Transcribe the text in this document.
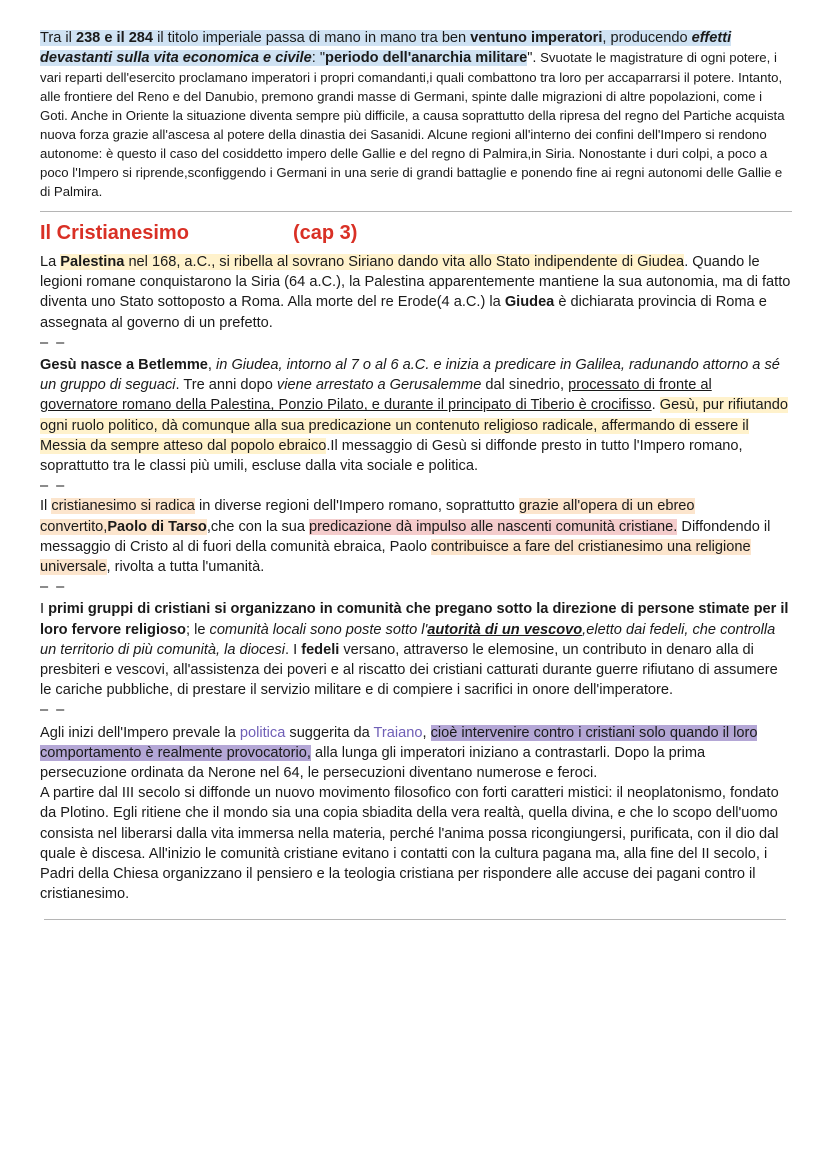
Tra il 238 e il 284 il titolo imperiale passa di mano in mano tra ben ventuno imperatori, producendo effetti devastanti sulla vita economica e civile: "periodo dell'anarchia militare". Svuotate le magistrature di ogni potere, i vari reparti dell'esercito proclamano imperatori i propri comandanti,i quali combattono tra loro per accaparrarsi il potere. Intanto, alle frontiere del Reno e del Danubio, premono grandi masse di Germani, spinte dalle migrazioni di altre popolazioni, come i Goti. Anche in Oriente la situazione diventa sempre più difficile, a causa soprattutto della ripresa del regno del Partiche acquista nuova forza grazie all'ascesa al potere della dinastia dei Sasanidi. Alcune regioni all'interno dei confini dell'Impero si rendono autonome: è questo il caso del cosiddetto impero delle Gallie e del regno di Palmira,in Siria. Nonostante i duri colpi, a poco a poco l'Impero si riprende,sconfiggendo i Germani in una serie di grandi battaglie e ponendo fine ai regni autonomi delle Gallie e di Palmira.
Il Cristianesimo	(cap 3)

La Palestina nel 168, a.C., si ribella al sovrano Siriano dando vita allo Stato indipendente di Giudea. Quando le legioni romane conquistarono la Siria (64 a.C.), la Palestina apparentemente mantiene la sua autonomia, ma di fatto diventa uno Stato sottoposto a Roma. Alla morte del re Erode(4 a.C.) la Giudea è dichiarata provincia di Roma e assegnata al governo di un prefetto.

– –

Gesù nasce a Betlemme, in Giudea, intorno al 7 o al 6 a.C. e inizia a predicare in Galilea, radunando attorno a sé un gruppo di seguaci. Tre anni dopo viene arrestato a Gerusalemme dal sinedrio, processato di fronte al governatore romano della Palestina, Ponzio Pilato, e durante il principato di Tiberio è crocifisso. Gesù, pur rifiutando ogni ruolo politico, dà comunque alla sua predicazione un contenuto religioso radicale, affermando di essere il Messia da sempre atteso dal popolo ebraico.Il messaggio di Gesù si diffonde presto in tutto l'Impero romano, soprattutto tra le classi più umili, escluse dalla vita sociale e politica.

– –

Il cristianesimo si radica in diverse regioni dell'Impero romano, soprattutto grazie all'opera di un ebreo convertito,Paolo di Tarso,che con la sua predicazione dà impulso alle nascenti comunità cristiane. Diffondendo il messaggio di Cristo al di fuori della comunità ebraica, Paolo contribuisce a fare del cristianesimo una religione universale, rivolta a tutta l'umanità.

– –

I primi gruppi di cristiani si organizzano in comunità che pregano sotto la direzione di persone stimate per il loro fervore religioso; le comunità locali sono poste sotto l'autorità di un vescovo,eletto dai fedeli, che controlla un territorio di più comunità, la diocesi. I fedeli versano, attraverso le elemosine, un contributo in denaro alla di presbiteri e vescovi, all'assistenza dei poveri e al riscatto dei cristiani catturati durante guerre rifiutano di assumere le cariche pubbliche, di prestare il servizio militare e di compiere i sacrifici in onore dell'imperatore.

– –

Agli inizi dell'Impero prevale la politica suggerita da Traiano, cioè intervenire contro i cristiani solo quando il loro comportamento è realmente provocatorio, alla lunga gli imperatori iniziano a contrastarli. Dopo la prima persecuzione ordinata da Nerone nel 64, le persecuzioni diventano numerose e feroci.

A partire dal III secolo si diffonde un nuovo movimento filosofico con forti caratteri mistici: il neoplatonismo, fondato da Plotino. Egli ritiene che il mondo sia una copia sbiadita della vera realtà, quella divina, e che lo scopo dell'uomo consista nel liberarsi dalla vita immersa nella materia, perché l'anima possa ricongiungersi, purificata, con il dio dal quale è discesa. All'inizio le comunità cristiane evitano i contatti con la cultura pagana ma, alla fine del II secolo, i Padri della Chiesa organizzano il pensiero e la teologia cristiana per rispondere alle accuse dei pagani contro il cristianesimo.
